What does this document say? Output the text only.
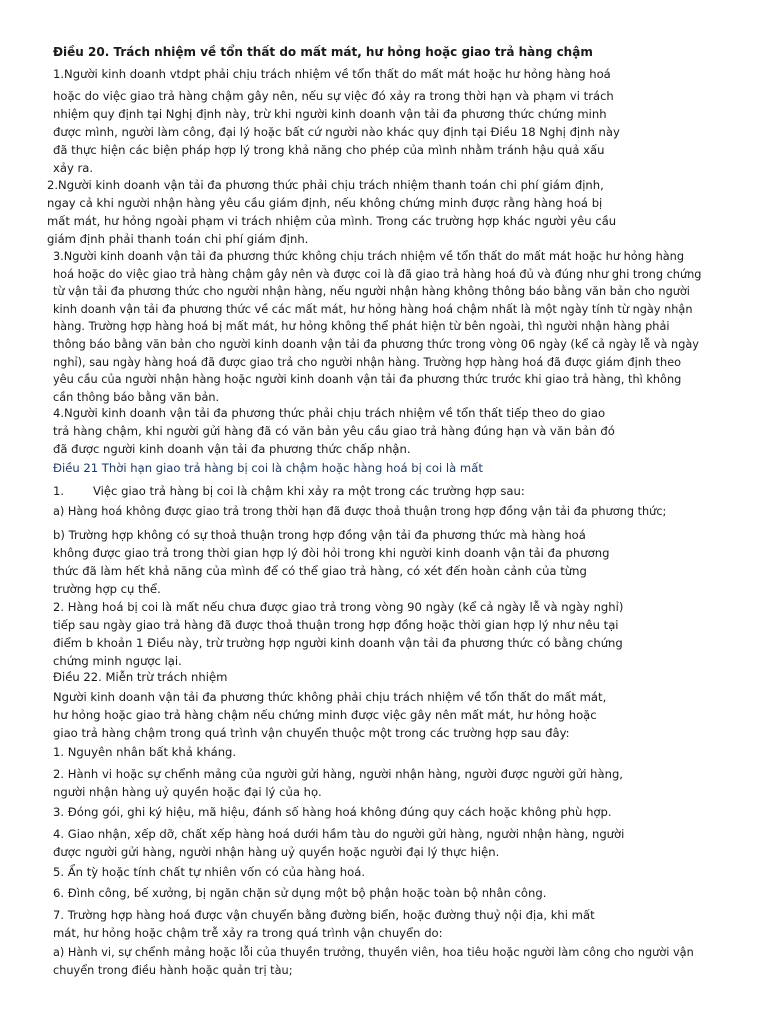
Điều 20. Trách nhiệm về tổn thất do mất mát, hư hỏng hoặc giao trả hàng chậm
1.Người kinh doanh vtdpt phải chịu trách nhiệm về tổn thất do mất mát hoặc hư hỏng hàng hoá
hoặc do việc giao trả hàng chậm gây nên, nếu sự việc đó xảy ra trong thời hạn và phạm vi trách
nhiệm quy định tại Nghị định này, trừ khi người kinh doanh vận tải đa phương thức chứng minh
được mình, người làm công, đại lý hoặc bất cứ người nào khác quy định tại Điều 18 Nghị định này
đã thực hiện các biện pháp hợp lý trong khả năng cho phép của mình nhằm tránh hậu quả xấu
xảy ra.
2.Người kinh doanh vận tải đa phương thức phải chịu trách nhiệm thanh toán chi phí giám định,
ngay cả khi người nhận hàng yêu cầu giám định, nếu không chứng minh được rằng hàng hoá bị
mất mát, hư hỏng ngoài phạm vi trách nhiệm của mình. Trong các trường hợp khác người yêu cầu
giám định phải thanh toán chi phí giám định.
3.Người kinh doanh vận tải đa phương thức không chịu trách nhiệm về tổn thất do mất mát hoặc hư hỏng hàng
hoá hoặc do việc giao trả hàng chậm gây nên và được coi là đã giao trả hàng hoá đủ và đúng như ghi trong chứng
từ vận tải đa phương thức cho người nhận hàng, nếu người nhận hàng không thông báo bằng văn bản cho người
kinh doanh vận tải đa phương thức về các mất mát, hư hỏng hàng hoá chậm nhất là một ngày tính từ ngày nhận
hàng. Trường hợp hàng hoá bị mất mát, hư hỏng không thể phát hiện từ bên ngoài, thì người nhận hàng phải
thông báo bằng văn bản cho người kinh doanh vận tải đa phương thức trong vòng 06 ngày (kể cả ngày lễ và ngày
nghỉ), sau ngày hàng hoá đã được giao trả cho người nhận hàng. Trường hợp hàng hoá đã được giám định theo
yêu cầu của người nhận hàng hoặc người kinh doanh vận tải đa phương thức trước khi giao trả hàng, thì không
cần thông báo bằng văn bản.
4.Người kinh doanh vận tải đa phương thức phải chịu trách nhiệm về tổn thất tiếp theo do giao
trả hàng chậm, khi người gửi hàng đã có văn bản yêu cầu giao trả hàng đúng hạn và văn bản đó
đã được người kinh doanh vận tải đa phương thức chấp nhận.
Điều 21 Thời hạn giao trả hàng bị coi là chậm hoặc hàng hoá bị coi là mất
1. Việc giao trả hàng bị coi là chậm khi xảy ra một trong các trường hợp sau:
a) Hàng hoá không được giao trả trong thời hạn đã được thoả thuận trong hợp đồng vận tải đa phương thức;
b) Trường hợp không có sự thoả thuận trong hợp đồng vận tải đa phương thức mà hàng hoá
không được giao trả trong thời gian hợp lý đòi hỏi trong khi người kinh doanh vận tải đa phương
thức đã làm hết khả năng của mình để có thể giao trả hàng, có xét đến hoàn cảnh của từng
trường hợp cụ thể.
2. Hàng hoá bị coi là mất nếu chưa được giao trả trong vòng 90 ngày (kể cả ngày lễ và ngày nghỉ)
tiếp sau ngày giao trả hàng đã được thoả thuận trong hợp đồng hoặc thời gian hợp lý như nêu tại
điểm b khoản 1 Điều này, trừ trường hợp người kinh doanh vận tải đa phương thức có bằng chứng
chứng minh ngược lại.
Điều 22. Miễn trừ trách nhiệm
Người kinh doanh vận tải đa phương thức không phải chịu trách nhiệm về tổn thất do mất mát,
hư hỏng hoặc giao trả hàng chậm nếu chứng minh được việc gây nên mất mát, hư hỏng hoặc
giao trả hàng chậm trong quá trình vận chuyển thuộc một trong các trường hợp sau đây:
1. Nguyên nhân bất khả kháng.
2. Hành vi hoặc sự chểnh mảng của người gửi hàng, người nhận hàng, người được người gửi hàng,
người nhận hàng uỷ quyền hoặc đại lý của họ.
3. Đóng gói, ghi ký hiệu, mã hiệu, đánh số hàng hoá không đúng quy cách hoặc không phù hợp.
4. Giao nhận, xếp dỡ, chất xếp hàng hoá dưới hầm tàu do người gửi hàng, người nhận hàng, người
được người gửi hàng, người nhận hàng uỷ quyền hoặc người đại lý thực hiện.
5. Ẩn tỳ hoặc tính chất tự nhiên vốn có của hàng hoá.
6. Đình công, bế xưởng, bị ngăn chặn sử dụng một bộ phận hoặc toàn bộ nhân công.
7. Trường hợp hàng hoá được vận chuyển bằng đường biển, hoặc đường thuỷ nội địa, khi mất
mát, hư hỏng hoặc chậm trễ xảy ra trong quá trình vận chuyển do:
a) Hành vi, sự chểnh mảng hoặc lỗi của thuyền trưởng, thuyền viên, hoa tiêu hoặc người làm công cho người vận
chuyển trong điều hành hoặc quản trị tàu;
